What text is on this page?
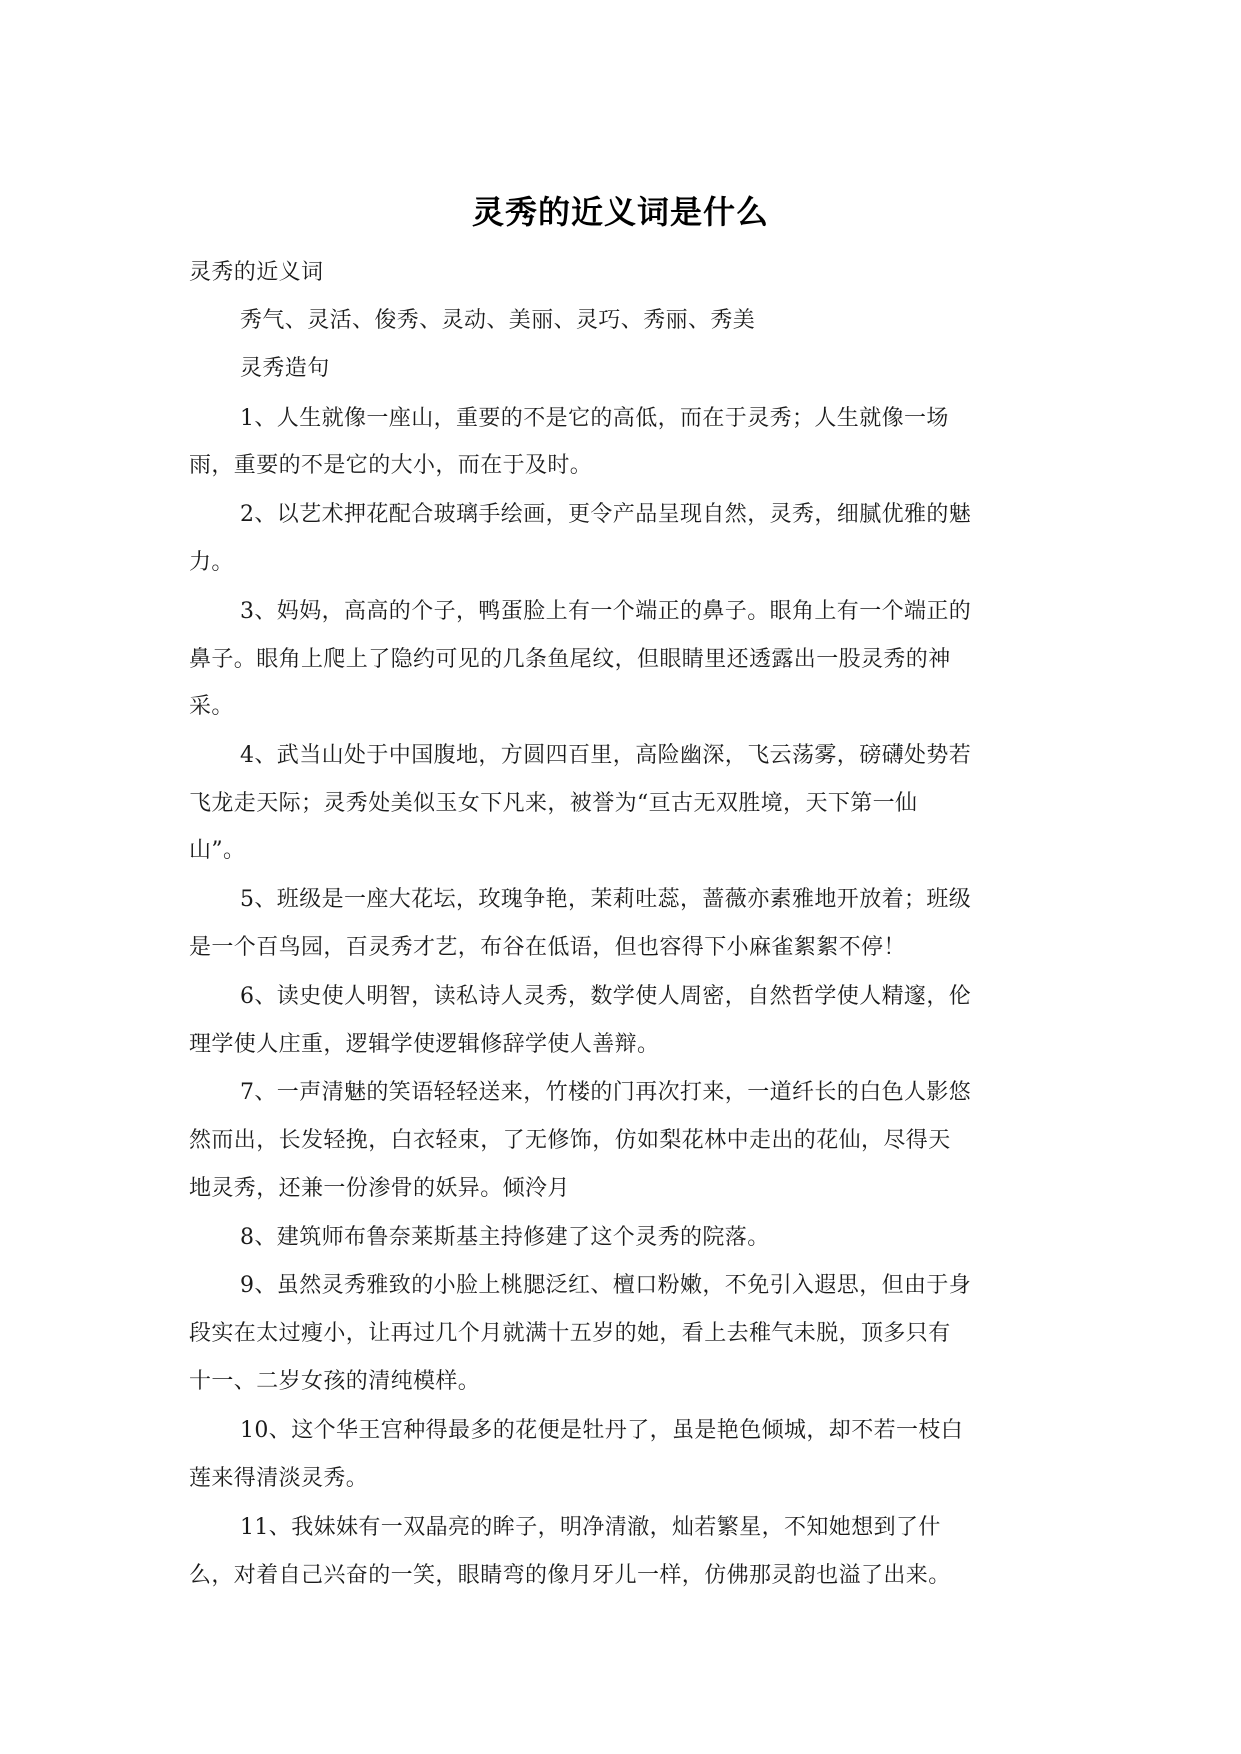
灵秀的近义词是什么
灵秀的近义词
秀气、灵活、俊秀、灵动、美丽、灵巧、秀丽、秀美
灵秀造句
1、人生就像一座山，重要的不是它的高低，而在于灵秀；人生就像一场
雨，重要的不是它的大小，而在于及时。
2、以艺术押花配合玻璃手绘画，更令产品呈现自然，灵秀，细腻优雅的魅
力。
3、妈妈，高高的个子，鸭蛋脸上有一个端正的鼻子。眼角上有一个端正的
鼻子。眼角上爬上了隐约可见的几条鱼尾纹，但眼睛里还透露出一股灵秀的神
采。
4、武当山处于中国腹地，方圆四百里，高险幽深，飞云荡雾，磅礴处势若
飞龙走天际；灵秀处美似玉女下凡来，被誉为“亘古无双胜境，天下第一仙
山”。
5、班级是一座大花坛，玫瑰争艳，茉莉吐蕊，蔷薇亦素雅地开放着；班级
是一个百鸟园，百灵秀才艺，布谷在低语，但也容得下小麻雀絮絮不停！
6、读史使人明智，读私诗人灵秀，数学使人周密，自然哲学使人精邃，伦
理学使人庄重，逻辑学使逻辑修辞学使人善辩。
7、一声清魅的笑语轻轻送来，竹楼的门再次打来，一道纤长的白色人影悠
然而出，长发轻挽，白衣轻束，了无修饰，仿如梨花林中走出的花仙，尽得天
地灵秀，还兼一份渗骨的妖异。倾泠月
8、建筑师布鲁奈莱斯基主持修建了这个灵秀的院落。
9、虽然灵秀雅致的小脸上桃腮泛红、檀口粉嫩，不免引入遐思，但由于身
段实在太过瘦小，让再过几个月就满十五岁的她，看上去稚气未脱，顶多只有
十一、二岁女孩的清纯模样。
10、这个华王宫种得最多的花便是牡丹了，虽是艳色倾城，却不若一枝白
莲来得清淡灵秀。
11、我妹妹有一双晶亮的眸子，明净清澈，灿若繁星，不知她想到了什
么，对着自己兴奋的一笑，眼睛弯的像月牙儿一样，仿佛那灵韵也溢了出来。
